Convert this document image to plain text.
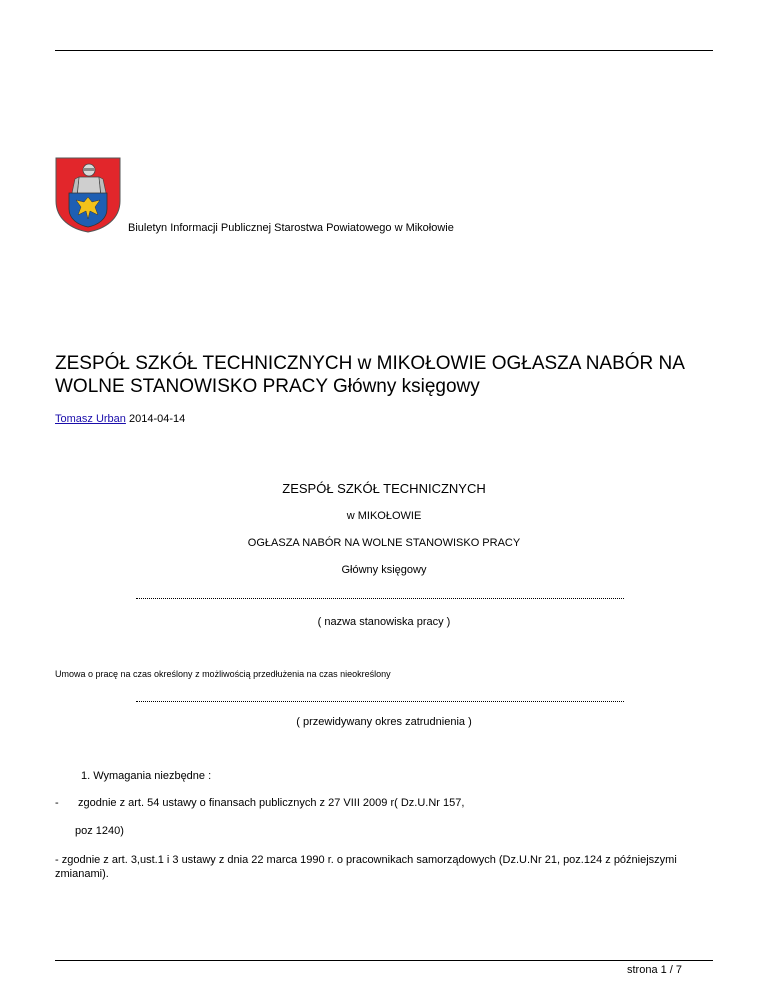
Biuletyn Informacji Publicznej Starostwa Powiatowego w Mikołowie
ZESPÓŁ SZKÓŁ TECHNICZNYCH w MIKOŁOWIE OGŁASZA NABÓR NA WOLNE STANOWISKO PRACY Główny księgowy
Tomasz Urban 2014-04-14
ZESPÓŁ SZKÓŁ TECHNICZNYCH
w MIKOŁOWIE
OGŁASZA NABÓR NA WOLNE STANOWISKO PRACY
Główny księgowy
( nazwa stanowiska pracy )
Umowa o pracę na czas określony z możliwością przedłużenia na czas nieokreślony
( przewidywany okres zatrudnienia )
1. Wymagania niezbędne :
- zgodnie z art. 54 ustawy o finansach publicznych z 27 VIII 2009 r( Dz.U.Nr 157,
poz 1240)
- zgodnie z art. 3,ust.1 i 3 ustawy z dnia 22 marca 1990 r. o pracownikach samorządowych (Dz.U.Nr 21, poz.124 z późniejszymi zmianami).
strona 1 / 7
